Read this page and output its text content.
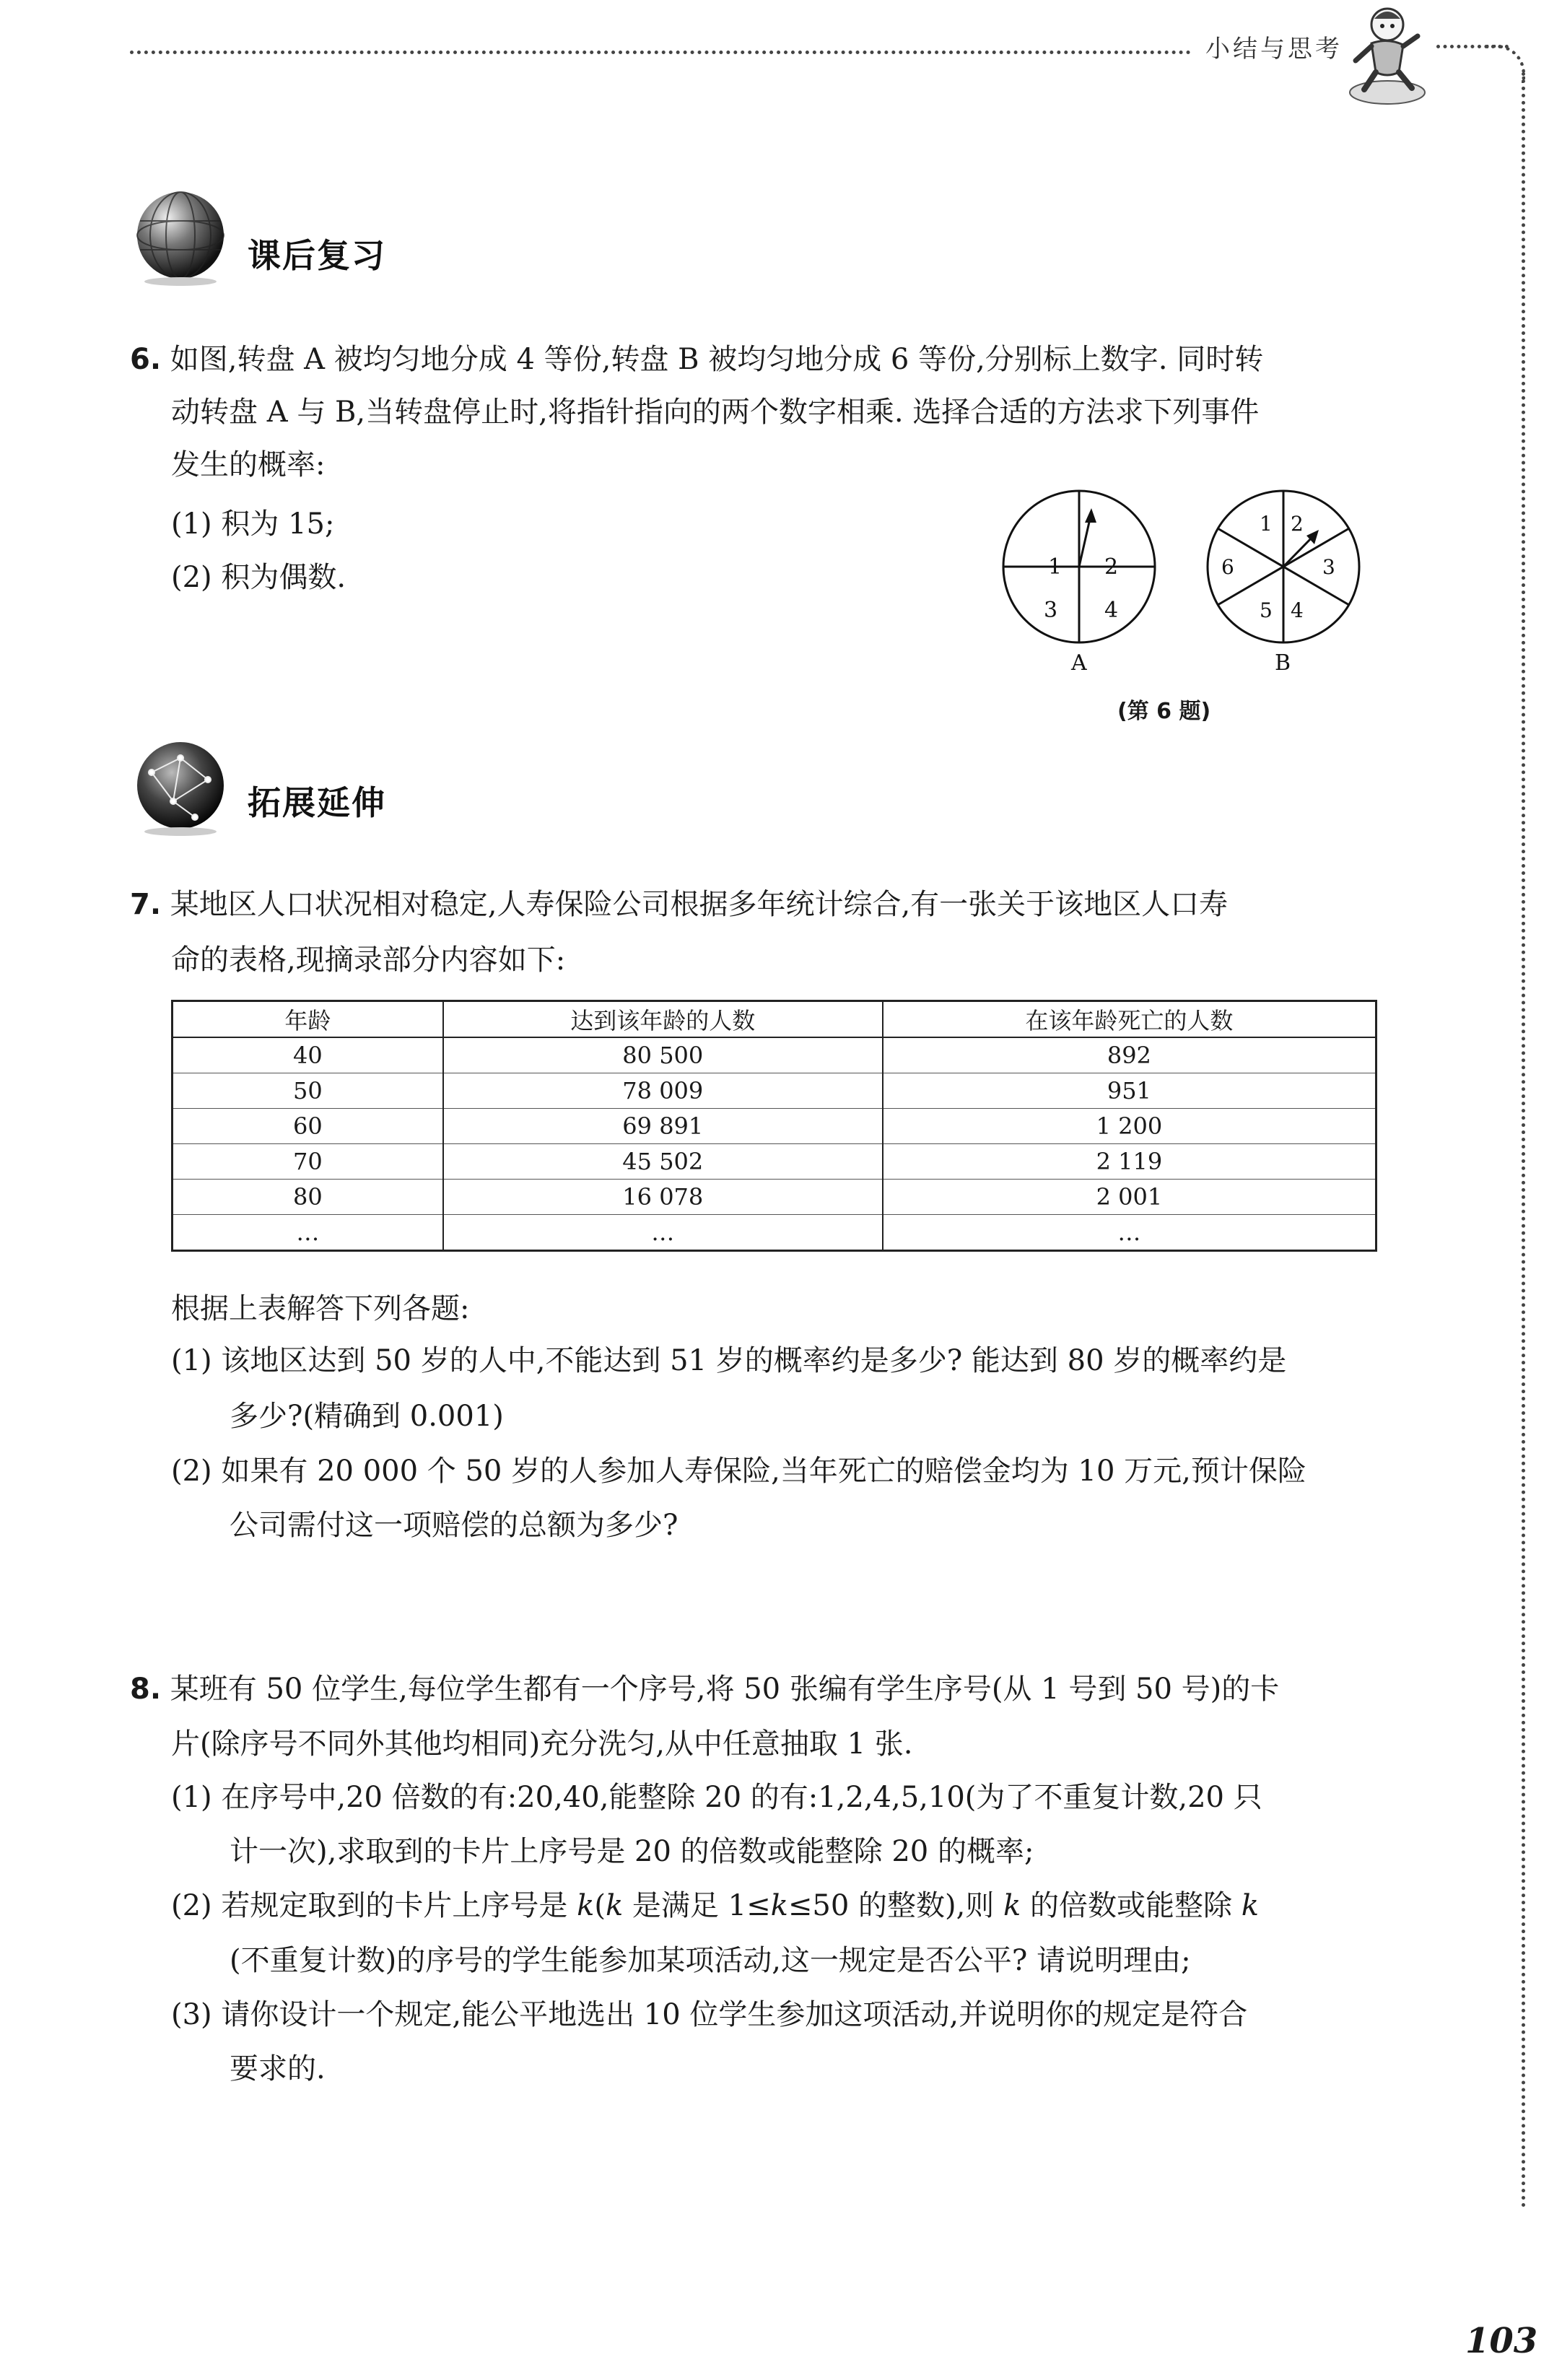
小结与思考
课后复习
6. 如图,转盘 A 被均匀地分成 4 等份,转盘 B 被均匀地分成 6 等份,分别标上数字. 同时转
动转盘 A 与 B,当转盘停止时,将指针指向的两个数字相乘. 选择合适的方法求下列事件
发生的概率:
(1) 积为 15;
(2) 积为偶数.	1 2
3 4
A
1 2
3
4
5
6
B
(第 6 题)
拓展延伸
7. 某地区人口状况相对稳定,人寿保险公司根据多年统计综合,有一张关于该地区人口寿
命的表格,现摘录部分内容如下:
年龄	达到该年龄的人数	在该年龄死亡的人数
40	80 500	892
50	78 009	951
60	69 891	1 200
70	45 502	2 119
80	16 078	2 001
…	…	…
根据上表解答下列各题:
(1) 该地区达到 50 岁的人中,不能达到 51 岁的概率约是多少? 能达到 80 岁的概率约是
多少?(精确到 0.001)
(2) 如果有 20 000 个 50 岁的人参加人寿保险,当年死亡的赔偿金均为 10 万元,预计保险
公司需付这一项赔偿的总额为多少?
8. 某班有 50 位学生,每位学生都有一个序号,将 50 张编有学生序号(从 1 号到 50 号)的卡
片(除序号不同外其他均相同)充分洗匀,从中任意抽取 1 张.
(1) 在序号中,20 倍数的有:20,40,能整除 20 的有:1,2,4,5,10(为了不重复计数,20 只
计一次),求取到的卡片上序号是 20 的倍数或能整除 20 的概率;
(2) 若规定取到的卡片上序号是 k(k 是满足 1≤k≤50 的整数),则 k 的倍数或能整除 k
(不重复计数)的序号的学生能参加某项活动,这一规定是否公平? 请说明理由;
(3) 请你设计一个规定,能公平地选出 10 位学生参加这项活动,并说明你的规定是符合
要求的.
103
